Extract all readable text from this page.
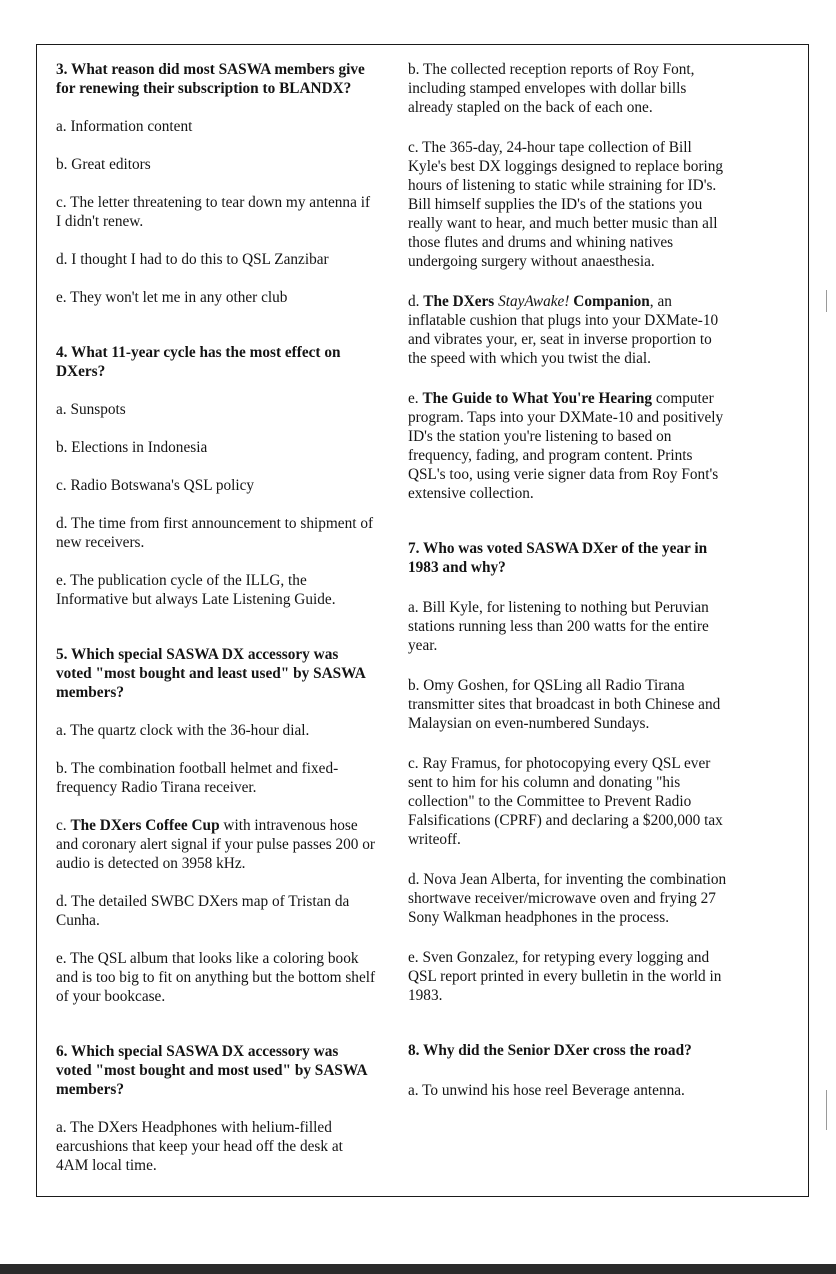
3. What reason did most SASWA members give for renewing their subscription to BLANDX?

a. Information content

b. Great editors

c. The letter threatening to tear down my antenna if I didn't renew.

d. I thought I had to do this to QSL Zanzibar

e. They won't let me in any other club

4. What 11-year cycle has the most effect on DXers?

a. Sunspots

b. Elections in Indonesia

c. Radio Botswana's QSL policy

d. The time from first announcement to shipment of new receivers.

e. The publication cycle of the ILLG, the Informative but always Late Listening Guide.

5. Which special SASWA DX accessory was voted "most bought and least used" by SASWA members?

a. The quartz clock with the 36-hour dial.

b. The combination football helmet and fixed-frequency Radio Tirana receiver.

c. The DXers Coffee Cup with intravenous hose and coronary alert signal if your pulse passes 200 or audio is detected on 3958 kHz.

d. The detailed SWBC DXers map of Tristan da Cunha.

e. The QSL album that looks like a coloring book and is too big to fit on anything but the bottom shelf of your bookcase.

6. Which special SASWA DX accessory was voted "most bought and most used" by SASWA members?

a. The DXers Headphones with helium-filled earcushions that keep your head off the desk at 4AM local time.

b. The collected reception reports of Roy Font, including stamped envelopes with dollar bills already stapled on the back of each one.

c. The 365-day, 24-hour tape collection of Bill Kyle's best DX loggings designed to replace boring hours of listening to static while straining for ID's. Bill himself supplies the ID's of the stations you really want to hear, and much better music than all those flutes and drums and whining natives undergoing surgery without anaesthesia.

d. The DXers StayAwake! Companion, an inflatable cushion that plugs into your DXMate-10 and vibrates your, er, seat in inverse proportion to the speed with which you twist the dial.

e. The Guide to What You're Hearing computer program. Taps into your DXMate-10 and positively ID's the station you're listening to based on frequency, fading, and program content. Prints QSL's too, using verie signer data from Roy Font's extensive collection.

7. Who was voted SASWA DXer of the year in 1983 and why?

a. Bill Kyle, for listening to nothing but Peruvian stations running less than 200 watts for the entire year.

b. Omy Goshen, for QSLing all Radio Tirana transmitter sites that broadcast in both Chinese and Malaysian on even-numbered Sundays.

c. Ray Framus, for photocopying every QSL ever sent to him for his column and donating "his collection" to the Committee to Prevent Radio Falsifications (CPRF) and declaring a $200,000 tax writeoff.

d. Nova Jean Alberta, for inventing the combination shortwave receiver/microwave oven and frying 27 Sony Walkman headphones in the process.

e. Sven Gonzalez, for retyping every logging and QSL report printed in every bulletin in the world in 1983.

8. Why did the Senior DXer cross the road?

a. To unwind his hose reel Beverage antenna.
